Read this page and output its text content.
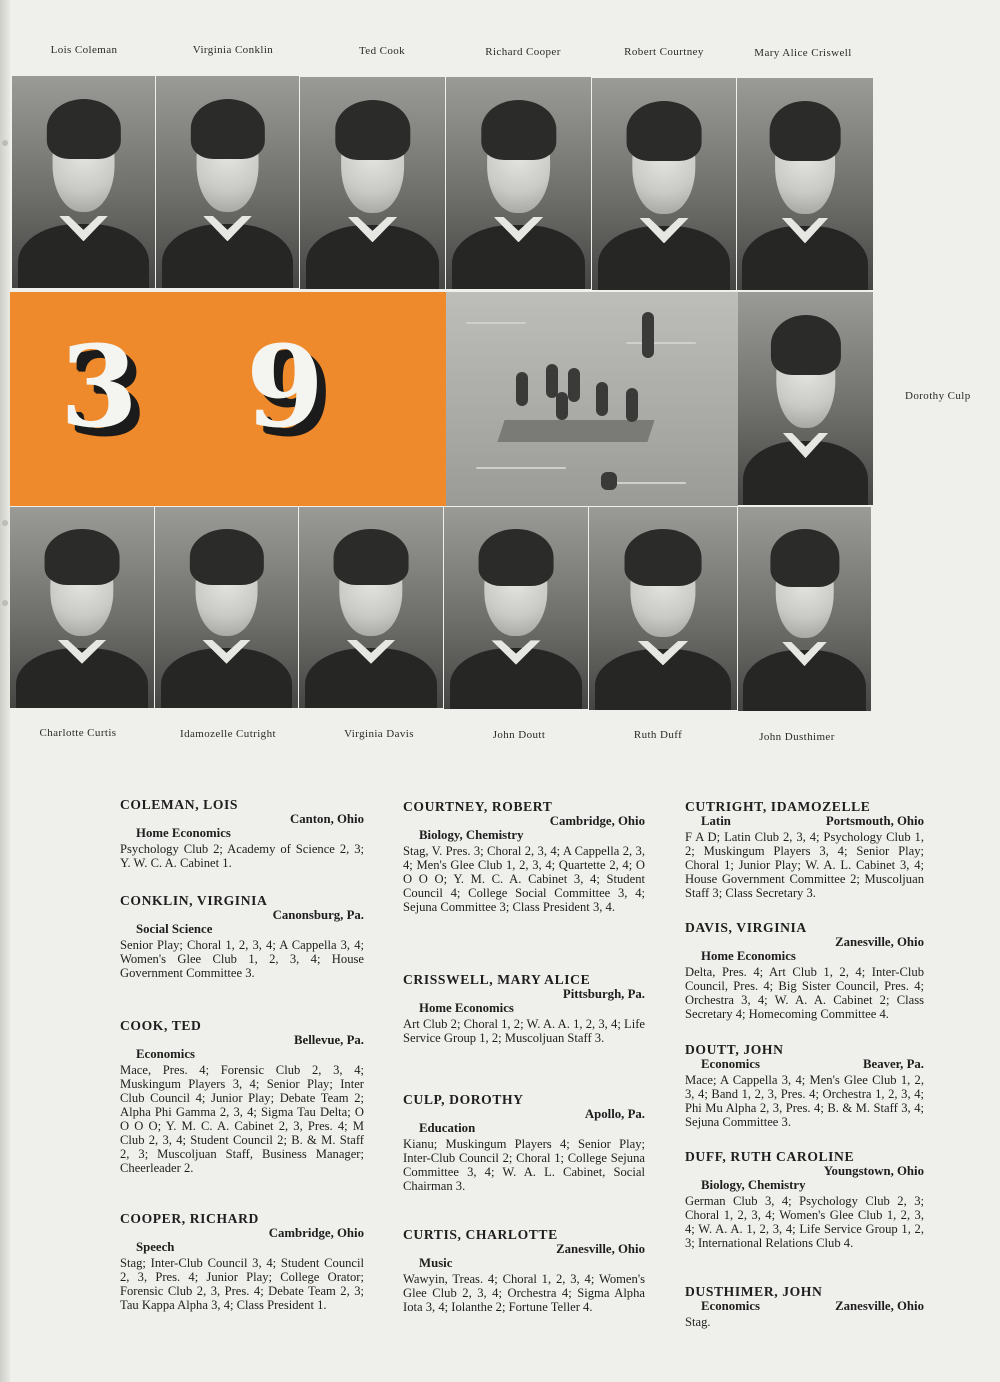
Lois Coleman	Virginia Conklin	Ted Cook	Richard Cooper	Robert Courtney	Mary Alice Criswell
3 9	Dorothy Culp
Charlotte Curtis	Idamozelle Cutright	Virginia Davis	John Doutt	Ruth Duff	John Dusthimer
COLEMAN, LOIS
Canton, Ohio
Home Economics
Psychology Club 2; Academy of Science 2, 3; Y. W. C. A. Cabinet 1.
CONKLIN, VIRGINIA
Canonsburg, Pa.
Social Science
Senior Play; Choral 1, 2, 3, 4; A Cappella 3, 4; Women's Glee Club 1, 2, 3, 4; House Government Committee 3.
COOK, TED
Bellevue, Pa.
Economics
Mace, Pres. 4; Forensic Club 2, 3, 4; Muskingum Players 3, 4; Senior Play; Inter Club Council 4; Junior Play; Debate Team 2; Alpha Phi Gamma 2, 3, 4; Sigma Tau Delta; O O O O; Y. M. C. A. Cabinet 2, 3, Pres. 4; M Club 2, 3, 4; Student Council 2; B. & M. Staff 2, 3; Muscoljuan Staff, Business Manager; Cheerleader 2.
COOPER, RICHARD
Cambridge, Ohio
Speech
Stag; Inter-Club Council 3, 4; Student Council 2, 3, Pres. 4; Junior Play; College Orator; Forensic Club 2, 3, Pres. 4; Debate Team 2, 3; Tau Kappa Alpha 3, 4; Class President 1.
COURTNEY, ROBERT
Cambridge, Ohio
Biology, Chemistry
Stag, V. Pres. 3; Choral 2, 3, 4; A Cappella 2, 3, 4; Men's Glee Club 1, 2, 3, 4; Quartette 2, 4; O O O O; Y. M. C. A. Cabinet 3, 4; Student Council 4; College Social Committee 3, 4; Sejuna Committee 3; Class President 3, 4.
CRISSWELL, MARY ALICE
Pittsburgh, Pa.
Home Economics
Art Club 2; Choral 1, 2; W. A. A. 1, 2, 3, 4; Life Service Group 1, 2; Muscoljuan Staff 3.
CULP, DOROTHY
Apollo, Pa.
Education
Kianu; Muskingum Players 4; Senior Play; Inter-Club Council 2; Choral 1; College Sejuna Committee 3, 4; W. A. L. Cabinet, Social Chairman 3.
CURTIS, CHARLOTTE
Zanesville, Ohio
Music
Wawyin, Treas. 4; Choral 1, 2, 3, 4; Women's Glee Club 2, 3, 4; Orchestra 4; Sigma Alpha Iota 3, 4; Iolanthe 2; Fortune Teller 4.
CUTRIGHT, IDAMOZELLE
Latin	Portsmouth, Ohio
F A D; Latin Club 2, 3, 4; Psychology Club 1, 2; Muskingum Players 3, 4; Senior Play; Choral 1; Junior Play; W. A. L. Cabinet 3, 4; House Government Committee 2; Muscoljuan Staff 3; Class Secretary 3.
DAVIS, VIRGINIA
Zanesville, Ohio
Home Economics
Delta, Pres. 4; Art Club 1, 2, 4; Inter-Club Council, Pres. 4; Big Sister Council, Pres. 4; Orchestra 3, 4; W. A. A. Cabinet 2; Class Secretary 4; Homecoming Committee 4.
DOUTT, JOHN
Economics	Beaver, Pa.
Mace; A Cappella 3, 4; Men's Glee Club 1, 2, 3, 4; Band 1, 2, 3, Pres. 4; Orchestra 1, 2, 3, 4; Phi Mu Alpha 2, 3, Pres. 4; B. & M. Staff 3, 4; Sejuna Committee 3.
DUFF, RUTH CAROLINE
Youngstown, Ohio
Biology, Chemistry
German Club 3, 4; Psychology Club 2, 3; Choral 1, 2, 3, 4; Women's Glee Club 1, 2, 3, 4; W. A. A. 1, 2, 3, 4; Life Service Group 1, 2, 3; International Relations Club 4.
DUSTHIMER, JOHN
Economics	Zanesville, Ohio
Stag.
